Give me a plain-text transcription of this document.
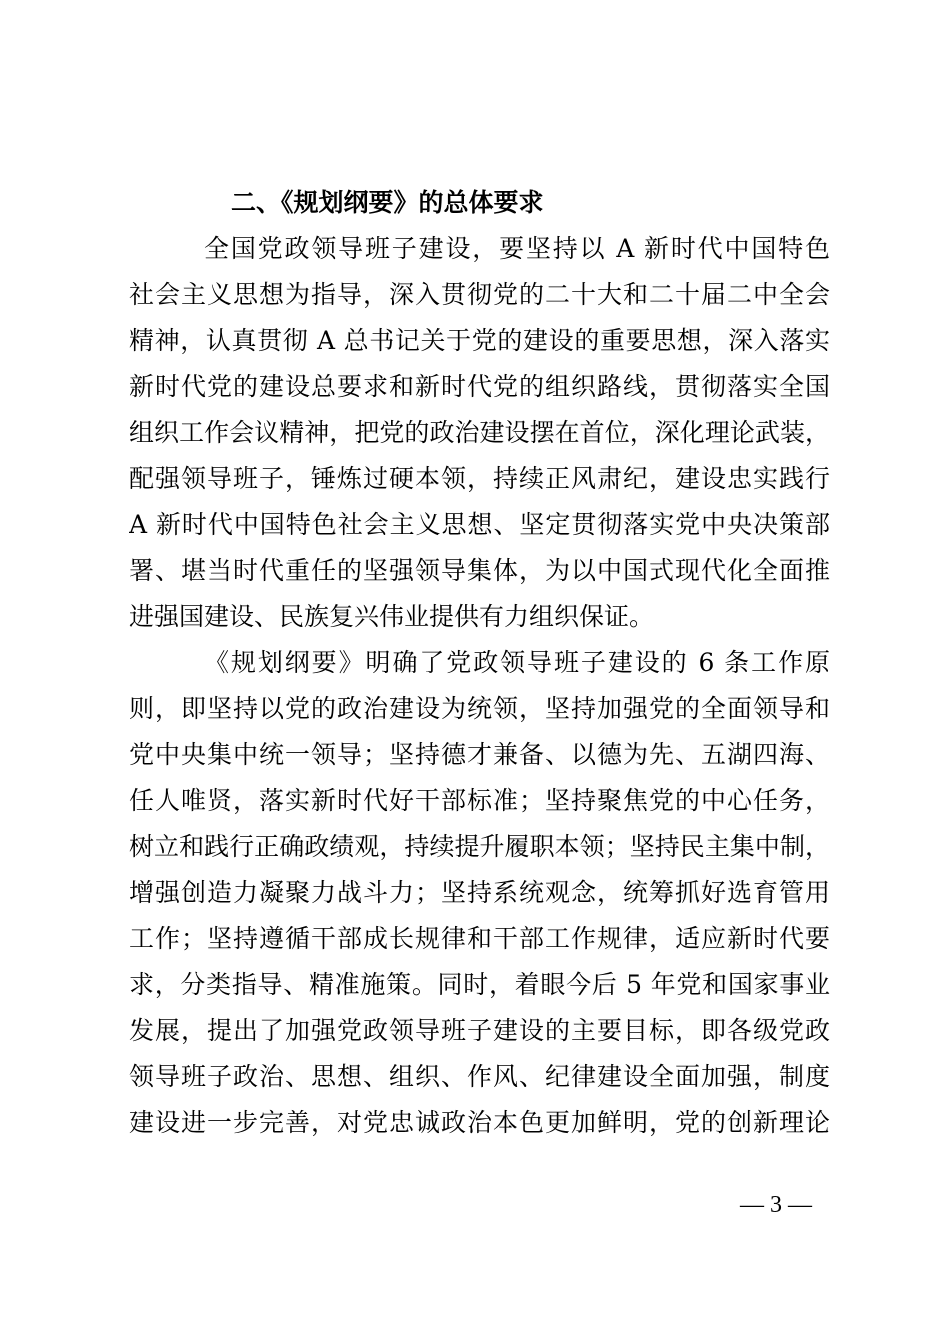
二、《规划纲要》的总体要求
全国党政领导班子建设，要坚持以 A 新时代中国特色
社会主义思想为指导，深入贯彻党的二十大和二十届二中全会
精神，认真贯彻 A 总书记关于党的建设的重要思想，深入落实
新时代党的建设总要求和新时代党的组织路线，贯彻落实全国
组织工作会议精神，把党的政治建设摆在首位，深化理论武装，
配强领导班子，锤炼过硬本领，持续正风肃纪，建设忠实践行
A 新时代中国特色社会主义思想、坚定贯彻落实党中央决策部
署、堪当时代重任的坚强领导集体，为以中国式现代化全面推
进强国建设、民族复兴伟业提供有力组织保证。
《规划纲要》明确了党政领导班子建设的 6 条工作原
则，即坚持以党的政治建设为统领，坚持加强党的全面领导和
党中央集中统一领导；坚持德才兼备、以德为先、五湖四海、
任人唯贤，落实新时代好干部标准；坚持聚焦党的中心任务，
树立和践行正确政绩观，持续提升履职本领；坚持民主集中制，
增强创造力凝聚力战斗力；坚持系统观念，统筹抓好选育管用
工作；坚持遵循干部成长规律和干部工作规律，适应新时代要
求，分类指导、精准施策。同时，着眼今后 5 年党和国家事业
发展，提出了加强党政领导班子建设的主要目标，即各级党政
领导班子政治、思想、组织、作风、纪律建设全面加强，制度
建设进一步完善，对党忠诚政治本色更加鲜明，党的创新理论
— 3 —
